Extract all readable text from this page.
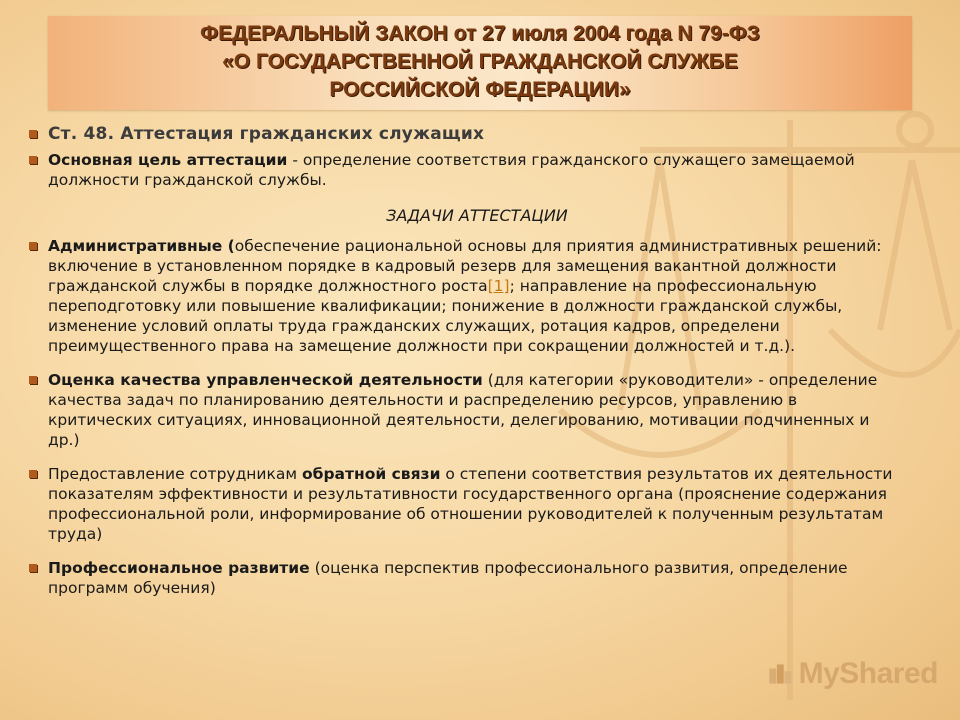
ФЕДЕРАЛЬНЫЙ ЗАКОН от 27 июля 2004 года N 79-ФЗ
«О ГОСУДАРСТВЕННОЙ ГРАЖДАНСКОЙ СЛУЖБЕ
РОССИЙСКОЙ ФЕДЕРАЦИИ»
Ст. 48. Аттестация гражданских служащих
Основная цель аттестации - определение соответствия гражданского служащего замещаемой должности гражданской службы.
ЗАДАЧИ АТТЕСТАЦИИ
Административные (обеспечение рациональной основы для приятия административных решений: включение в установленном порядке в кадровый резерв для замещения вакантной должности гражданской службы в порядке должностного роста[1]; направление на профессиональную переподготовку или повышение квалификации; понижение в должности гражданской службы, изменение условий оплаты труда гражданских служащих, ротация кадров, определени преимущественного права на замещение должности при сокращении должностей и т.д.).
Оценка качества управленческой деятельности (для категории «руководители» - определение качества задач по планированию деятельности и распределению ресурсов, управлению в критических ситуациях, инновационной деятельности, делегированию, мотивации подчиненных и др.)
Предоставление сотрудникам обратной связи о степени соответствия результатов их деятельности показателям эффективности и результативности государственного органа (прояснение содержания профессиональной роли, информирование об отношении руководителей к полученным результатам труда)
Профессиональное развитие (оценка перспектив профессионального развития, определение программ обучения)
MyShared
